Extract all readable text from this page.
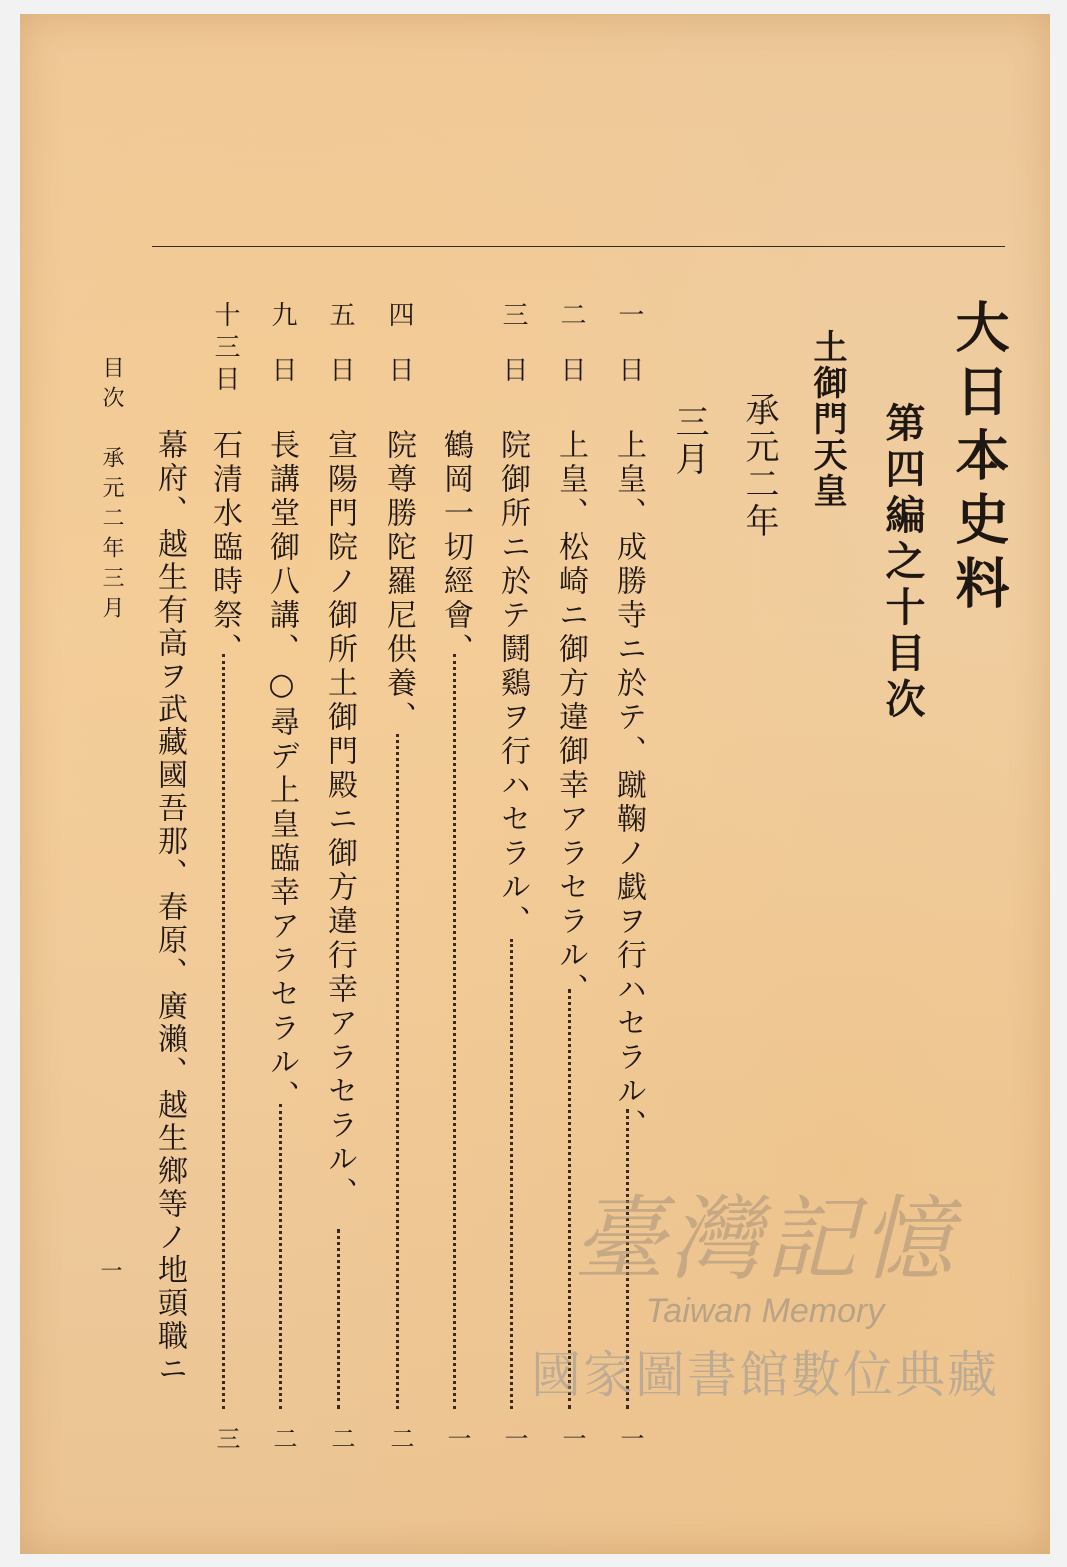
大日本史料
第四編之十目次
土御門天皇
承元二年
三月
一日
上皇、成勝寺ニ於テ、蹴鞠ノ戯ヲ行ハセラル、
一
二日
上皇、松崎ニ御方違御幸アラセラル、
一
三日
院御所ニ於テ鬪鷄ヲ行ハセラル、
一
鶴岡一切經會、
一
四日
院尊勝陀羅尼供養、
二
五日
宣陽門院ノ御所土御門殿ニ御方違行幸アラセラル、
二
九日
長講堂御八講、○尋デ上皇臨幸アラセラル、
二
十三日
石清水臨時祭、
三
幕府、越生有高ヲ武藏國吾那、春原、廣瀨、越生鄉等ノ地頭職ニ
目次　承元二年三月
一	臺灣記憶
Taiwan Memory
國家圖書館數位典藏
